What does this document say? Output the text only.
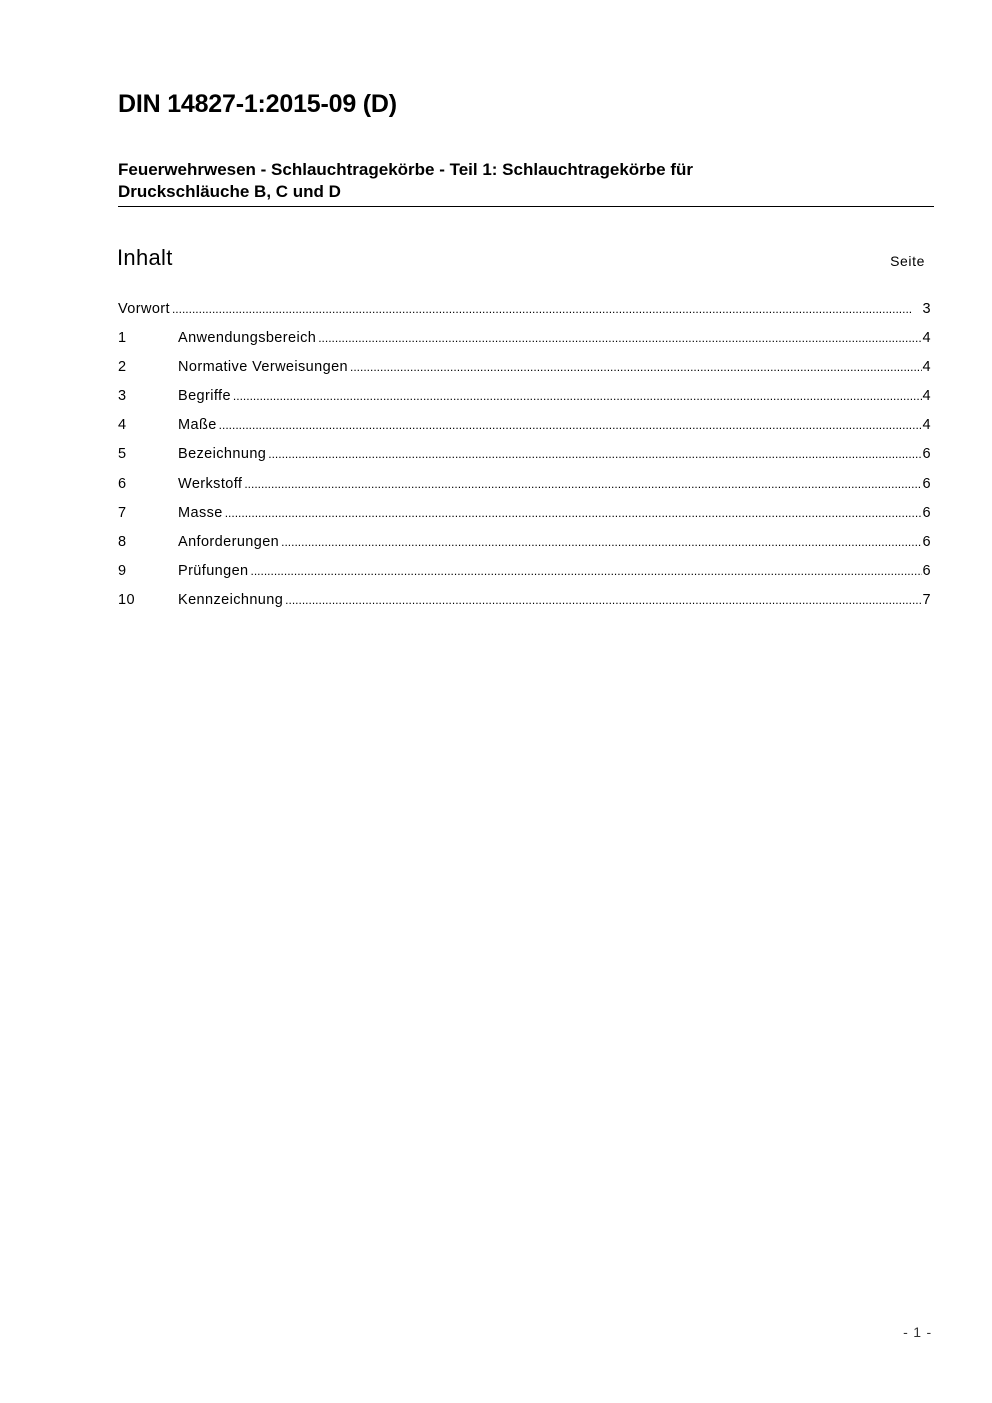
DIN 14827-1:2015-09 (D)
Feuerwehrwesen - Schlauchtragekörbe - Teil 1: Schlauchtragekörbe für
Druckschläuche B, C und D
Inhalt	Seite
Vorwort .....	3
1	Anwendungsbereich .....	4
2	Normative Verweisungen .....	4
3	Begriffe .....	4
4	Maße .....	4
5	Bezeichnung .....	6
6	Werkstoff .....	6
7	Masse .....	6
8	Anforderungen .....	6
9	Prüfungen .....	6
10	Kennzeichnung .....	7
- 1 -
